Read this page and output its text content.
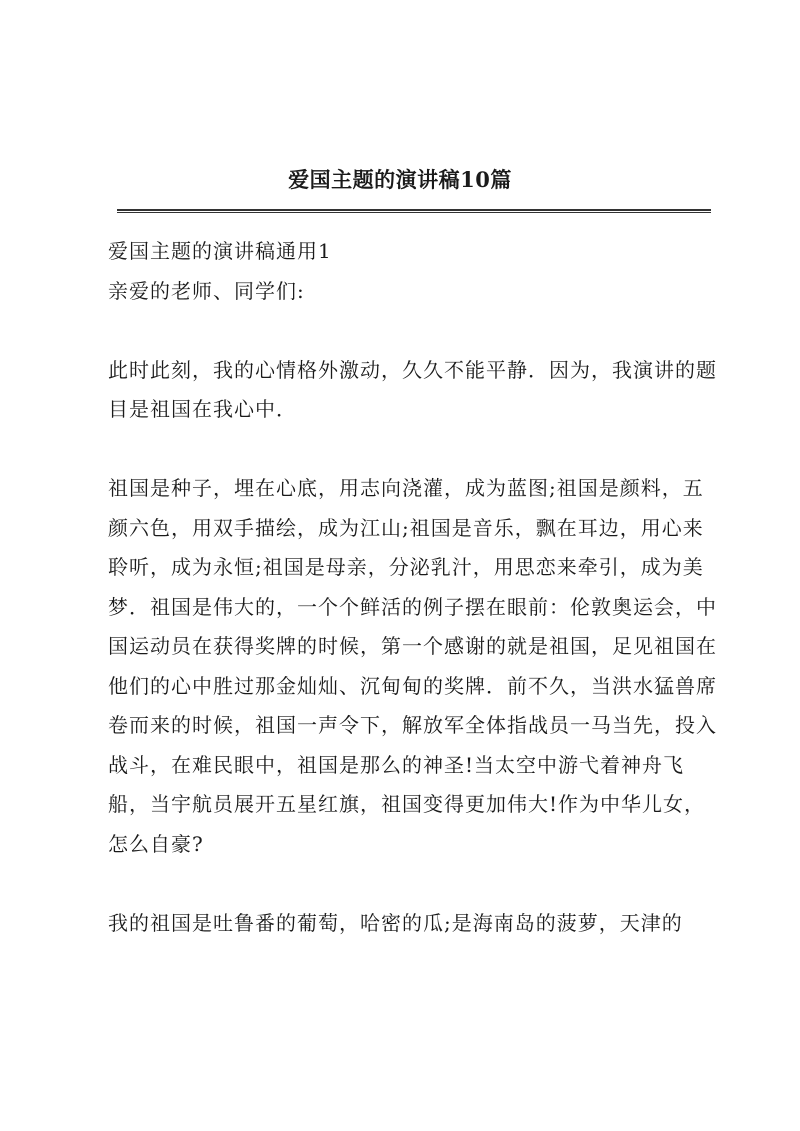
爱国主题的演讲稿10篇

爱国主题的演讲稿通用1

亲爱的老师、同学们:

此时此刻，我的心情格外激动，久久不能平静．因为，我演讲的题目是祖国在我心中．

祖国是种子，埋在心底，用志向浇灌，成为蓝图;祖国是颜料，五颜六色，用双手描绘，成为江山;祖国是音乐，飘在耳边，用心来聆听，成为永恒;祖国是母亲，分泌乳汁，用思恋来牵引，成为美梦．祖国是伟大的，一个个鲜活的例子摆在眼前：伦敦奥运会，中国运动员在获得奖牌的时候，第一个感谢的就是祖国，足见祖国在他们的心中胜过那金灿灿、沉甸甸的奖牌．前不久，当洪水猛兽席卷而来的时候，祖国一声令下，解放军全体指战员一马当先，投入战斗，在难民眼中，祖国是那么的神圣!当太空中游弋着神舟飞船，当宇航员展开五星红旗，祖国变得更加伟大!作为中华儿女，怎么自豪?

我的祖国是吐鲁番的葡萄，哈密的瓜;是海南岛的菠萝，天津的
